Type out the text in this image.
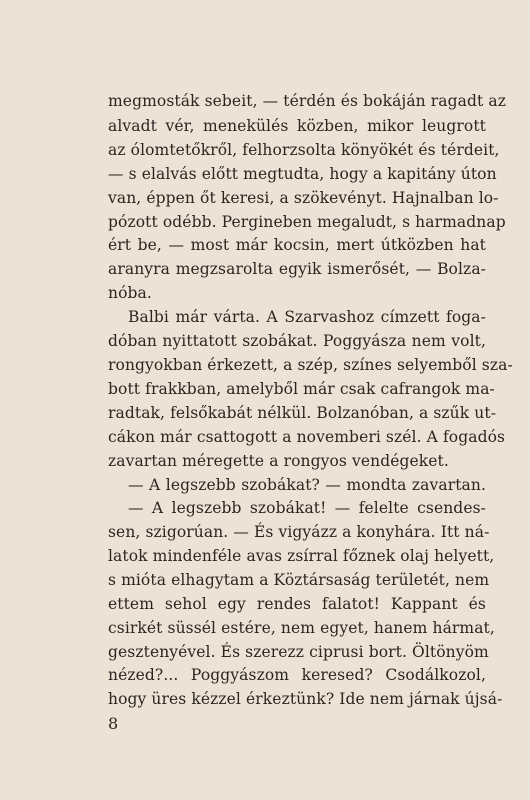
megmosták sebeit, — térdén és bokáján ragadt az
alvadt vér, menekülés közben, mikor leugrott
az ólomtetőkről, felhorzsolta könyökét és térdeit,
— s elalvás előtt megtudta, hogy a kapitány úton
van, éppen őt keresi, a szökevényt. Hajnalban lo-
pózott odébb. Pergineben megaludt, s harmadnap
ért be, — most már kocsin, mert útközben hat
aranyra megzsarolta egyik ismerősét, — Bolza-
nóba.
Balbi már várta. A Szarvashoz címzett foga-
dóban nyittatott szobákat. Poggyásza nem volt,
rongyokban érkezett, a szép, színes selyemből sza-
bott frakkban, amelyből már csak cafrangok ma-
radtak, felsőkabát nélkül. Bolzanóban, a szűk ut-
cákon már csattogott a novemberi szél. A fogadós
zavartan méregette a rongyos vendégeket.
— A legszebb szobákat? — mondta zavartan.
— A legszebb szobákat! — felelte csendes-
sen, szigorúan. — És vigyázz a konyhára. Itt ná-
latok mindenféle avas zsírral főznek olaj helyett,
s mióta elhagytam a Köztársaság területét, nem
ettem sehol egy rendes falatot! Kappant és
csirkét süssél estére, nem egyet, hanem hármat,
gesztenyével. És szerezz ciprusi bort. Öltönyöm
nézed?... Poggyászom keresed? Csodálkozol,
hogy üres kézzel érkeztünk? Ide nem járnak újsá-
8
